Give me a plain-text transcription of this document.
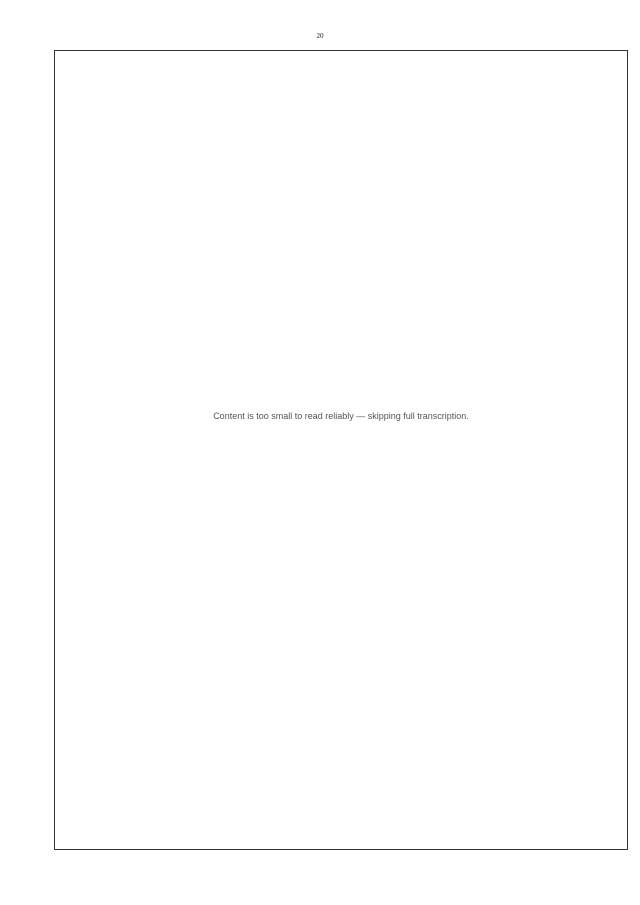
20
Content is too small to read reliably — skipping full transcription.
